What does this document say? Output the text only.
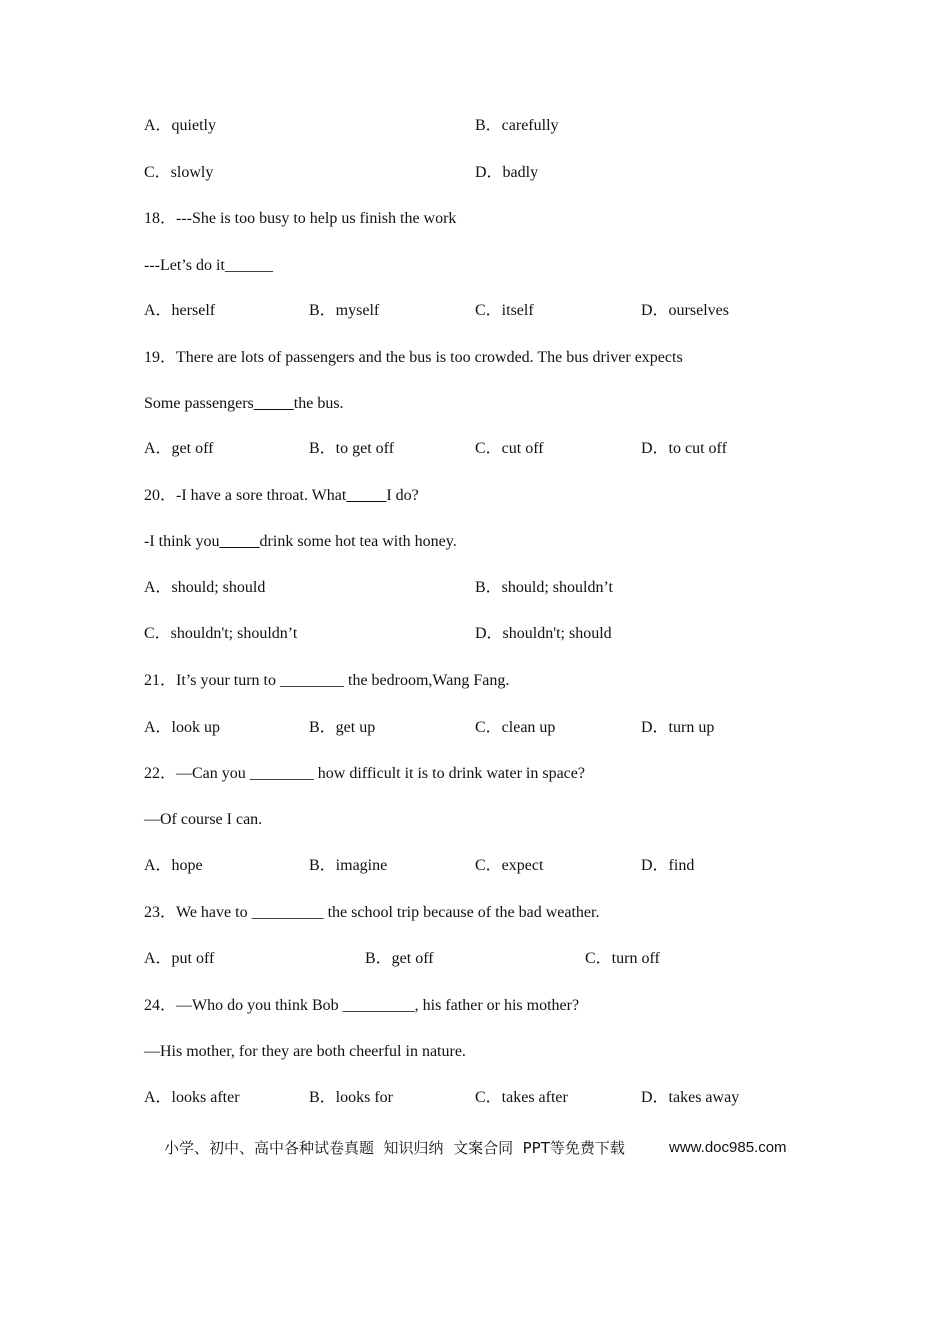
A．quietly	B．carefully
C．slowly	D．badly
18．---She is too busy to help us finish the work
---Let’s do it______
A．herself	B．myself	C．itself	D．ourselves
19．There are lots of passengers and the bus is too crowded. The bus driver expects
Some passengers_____the bus.
A．get off	B．to get off	C．cut off	D．to cut off
20．-I have a sore throat. What_____I do?
-I think you_____drink some hot tea with honey.
A．should; should	B．should; shouldn’t
C．shouldn't; shouldn’t	D．shouldn't; should
21．It’s your turn to ________ the bedroom,Wang Fang.
A．look up	B．get up	C．clean up	D．turn up
22．—Can you ________ how difficult it is to drink water in space?
—Of course I can.
A．hope	B．imagine	C．expect	D．find
23．We have to _________ the school trip because of the bad weather.
A．put off	B．get off	C．turn off
24．—Who do you think Bob _________, his father or his mother?
—His mother, for they are both cheerful in nature.
A．looks after	B．looks for	C．takes after	D．takes away
小学、初中、高中各种试卷真题  知识归纳  文案合同  PPT等免费下载	www.doc985.com
